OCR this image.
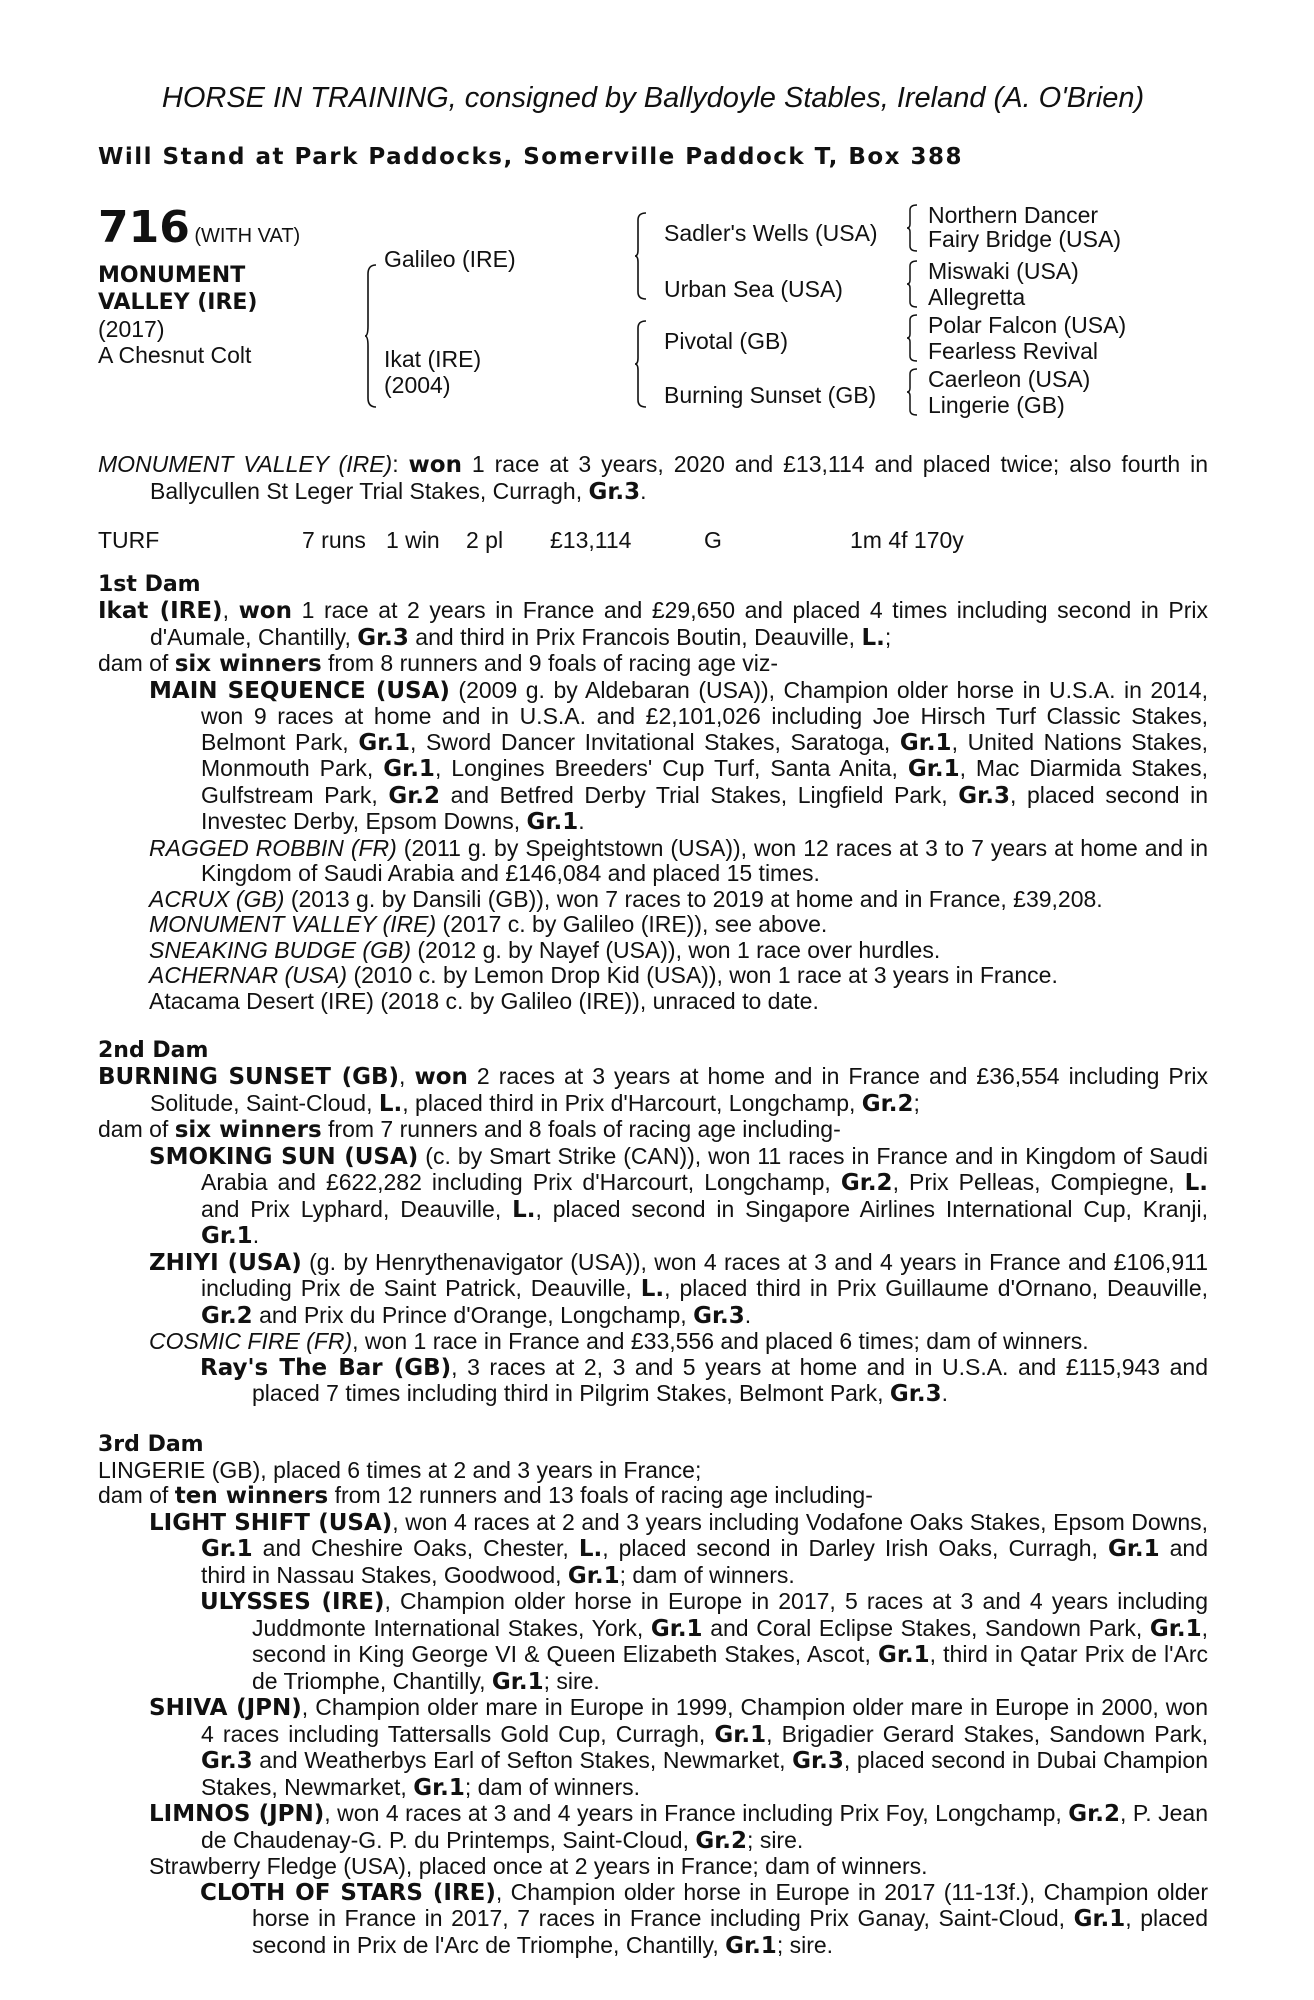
HORSE IN TRAINING, consigned by Ballydoyle Stables, Ireland (A. O'Brien)
Will Stand at Park Paddocks, Somerville Paddock T, Box 388
716 (WITH VAT)
MONUMENT
VALLEY (IRE)
(2017)
A Chesnut Colt
Galileo (IRE)
Ikat (IRE)
(2004)
Sadler's Wells (USA)
Urban Sea (USA)
Pivotal (GB)
Burning Sunset (GB)
Northern Dancer
Fairy Bridge (USA)
Miswaki (USA)
Allegretta
Polar Falcon (USA)
Fearless Revival
Caerleon (USA)
Lingerie (GB)

MONUMENT VALLEY (IRE): won 1 race at 3 years, 2020 and £13,114 and placed twice; also fourth in Ballycullen St Leger Trial Stakes, Curragh, Gr.3.

TURF	7 runs 1 win 2 pl £13,114	G	1m 4f 170y
1st Dam

Ikat (IRE), won 1 race at 2 years in France and £29,650 and placed 4 times including second in Prix d'Aumale, Chantilly, Gr.3 and third in Prix Francois Boutin, Deauville, L.;

dam of six winners from 8 runners and 9 foals of racing age viz-

MAIN SEQUENCE (USA) (2009 g. by Aldebaran (USA)), Champion older horse in U.S.A. in 2014, won 9 races at home and in U.S.A. and £2,101,026 including Joe Hirsch Turf Classic Stakes, Belmont Park, Gr.1, Sword Dancer Invitational Stakes, Saratoga, Gr.1, United Nations Stakes, Monmouth Park, Gr.1, Longines Breeders' Cup Turf, Santa Anita, Gr.1, Mac Diarmida Stakes, Gulfstream Park, Gr.2 and Betfred Derby Trial Stakes, Lingfield Park, Gr.3, placed second in Investec Derby, Epsom Downs, Gr.1.

RAGGED ROBBIN (FR) (2011 g. by Speightstown (USA)), won 12 races at 3 to 7 years at home and in Kingdom of Saudi Arabia and £146,084 and placed 15 times.

ACRUX (GB) (2013 g. by Dansili (GB)), won 7 races to 2019 at home and in France, £39,208.

MONUMENT VALLEY (IRE) (2017 c. by Galileo (IRE)), see above.

SNEAKING BUDGE (GB) (2012 g. by Nayef (USA)), won 1 race over hurdles.

ACHERNAR (USA) (2010 c. by Lemon Drop Kid (USA)), won 1 race at 3 years in France.

Atacama Desert (IRE) (2018 c. by Galileo (IRE)), unraced to date.

2nd Dam

BURNING SUNSET (GB), won 2 races at 3 years at home and in France and £36,554 including Prix Solitude, Saint-Cloud, L., placed third in Prix d'Harcourt, Longchamp, Gr.2;

dam of six winners from 7 runners and 8 foals of racing age including-

SMOKING SUN (USA) (c. by Smart Strike (CAN)), won 11 races in France and in Kingdom of Saudi Arabia and £622,282 including Prix d'Harcourt, Longchamp, Gr.2, Prix Pelleas, Compiegne, L. and Prix Lyphard, Deauville, L., placed second in Singapore Airlines International Cup, Kranji, Gr.1.

ZHIYI (USA) (g. by Henrythenavigator (USA)), won 4 races at 3 and 4 years in France and £106,911 including Prix de Saint Patrick, Deauville, L., placed third in Prix Guillaume d'Ornano, Deauville, Gr.2 and Prix du Prince d'Orange, Longchamp, Gr.3.

COSMIC FIRE (FR), won 1 race in France and £33,556 and placed 6 times; dam of winners.

Ray's The Bar (GB), 3 races at 2, 3 and 5 years at home and in U.S.A. and £115,943 and placed 7 times including third in Pilgrim Stakes, Belmont Park, Gr.3.

3rd Dam

LINGERIE (GB), placed 6 times at 2 and 3 years in France;

dam of ten winners from 12 runners and 13 foals of racing age including-

LIGHT SHIFT (USA), won 4 races at 2 and 3 years including Vodafone Oaks Stakes, Epsom Downs, Gr.1 and Cheshire Oaks, Chester, L., placed second in Darley Irish Oaks, Curragh, Gr.1 and third in Nassau Stakes, Goodwood, Gr.1; dam of winners.

ULYSSES (IRE), Champion older horse in Europe in 2017, 5 races at 3 and 4 years including Juddmonte International Stakes, York, Gr.1 and Coral Eclipse Stakes, Sandown Park, Gr.1, second in King George VI & Queen Elizabeth Stakes, Ascot, Gr.1, third in Qatar Prix de l'Arc de Triomphe, Chantilly, Gr.1; sire.

SHIVA (JPN), Champion older mare in Europe in 1999, Champion older mare in Europe in 2000, won 4 races including Tattersalls Gold Cup, Curragh, Gr.1, Brigadier Gerard Stakes, Sandown Park, Gr.3 and Weatherbys Earl of Sefton Stakes, Newmarket, Gr.3, placed second in Dubai Champion Stakes, Newmarket, Gr.1; dam of winners.

LIMNOS (JPN), won 4 races at 3 and 4 years in France including Prix Foy, Longchamp, Gr.2, P. Jean de Chaudenay-G. P. du Printemps, Saint-Cloud, Gr.2; sire.

Strawberry Fledge (USA), placed once at 2 years in France; dam of winners.

CLOTH OF STARS (IRE), Champion older horse in Europe in 2017 (11-13f.), Champion older horse in France in 2017, 7 races in France including Prix Ganay, Saint-Cloud, Gr.1, placed second in Prix de l'Arc de Triomphe, Chantilly, Gr.1; sire.
